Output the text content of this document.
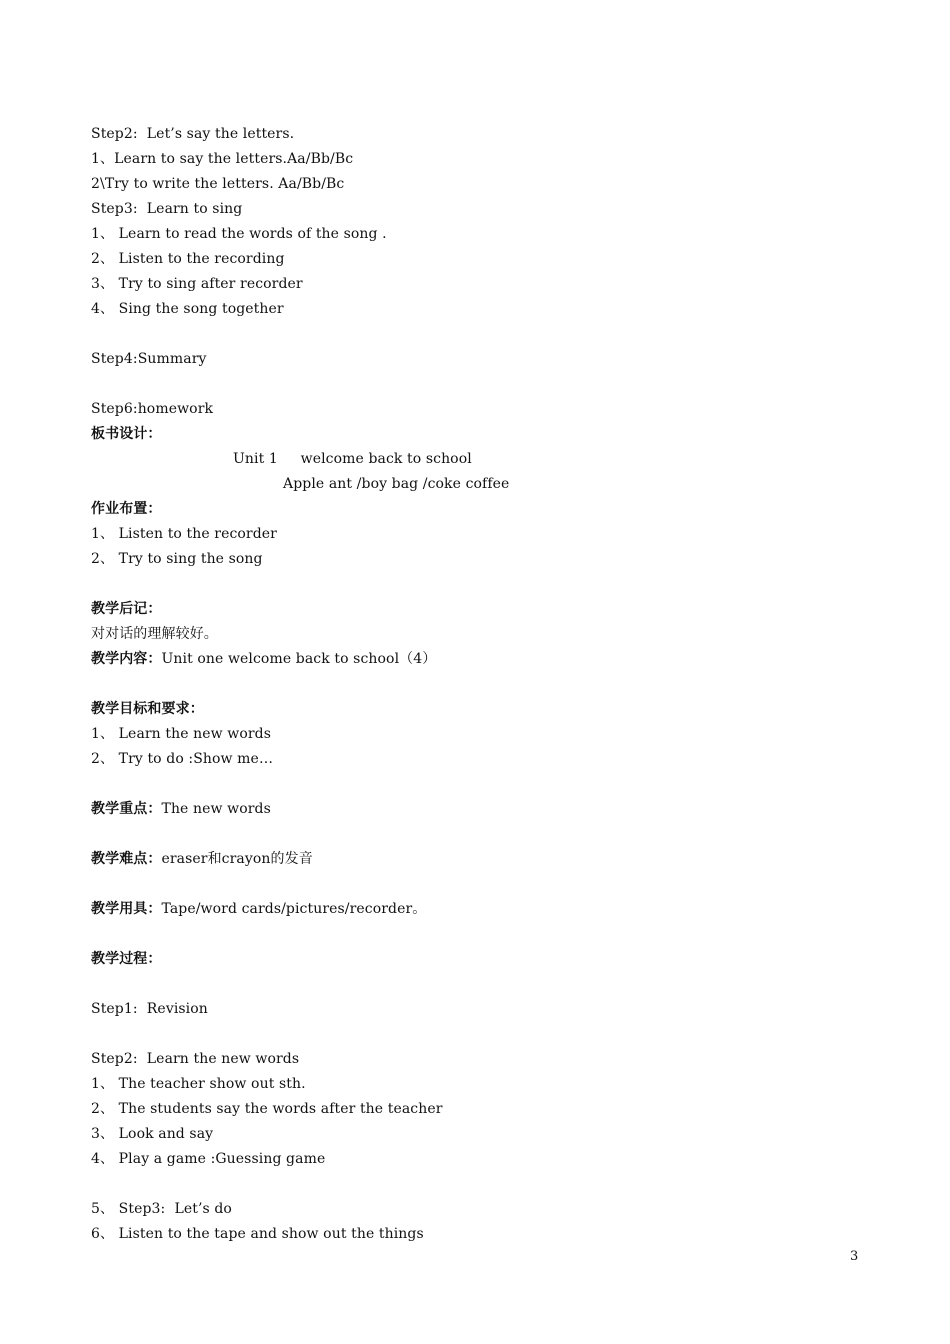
Step2:  Let’s say the letters.
1、Learn to say the letters.Aa/Bb/Bc
2\Try to write the letters. Aa/Bb/Bc
Step3:  Learn to sing
1、 Learn to read the words of the song .
2、 Listen to the recording
3、 Try to sing after recorder
4、 Sing the song together
Step4:Summary
Step6:homework
板书设计：
Unit 1     welcome back to school
Apple ant /boy bag /coke coffee
作业布置：
1、 Listen to the recorder
2、 Try to sing the song
教学后记：
对对话的理解较好。
教学内容：Unit one welcome back to school（4）
教学目标和要求：
1、 Learn the new words
2、 Try to do :Show me…
教学重点：The new words
教学难点：eraser和crayon的发音
教学用具：Tape/word cards/pictures/recorder。
教学过程：
Step1:  Revision
Step2:  Learn the new words
1、 The teacher show out sth.
2、 The students say the words after the teacher
3、 Look and say
4、 Play a game :Guessing game
5、 Step3:  Let’s do
6、 Listen to the tape and show out the things
3
